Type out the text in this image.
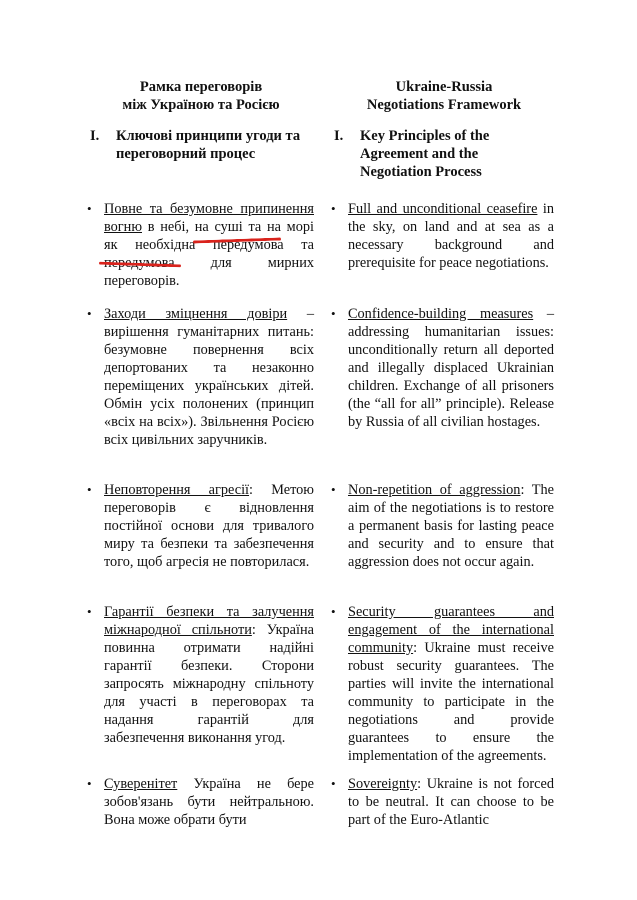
Рамка переговорів
між Україною та Росією
Ukraine-Russia
Negotiations Framework
I. Ключові принципи угоди та переговорний процес
I. Key Principles of the Agreement and the Negotiation Process
• Повне та безумовне припинення вогню в небі, на суші та на морі як необхідна передумова та передумова для мирних переговорів.
• Заходи зміцнення довіри – вирішення гуманітарних питань: безумовне повернення всіх депортованих та незаконно переміщених українських дітей. Обмін усіх полонених (принцип «всіх на всіх»). Звільнення Росією всіх цивільних заручників.
• Неповторення агресії: Метою переговорів є відновлення постійної основи для тривалого миру та безпеки та забезпечення того, щоб агресія не повторилася.
• Гарантії безпеки та залучення міжнародної спільноти: Україна повинна отримати надійні гарантії безпеки. Сторони запросять міжнародну спільноту для участі в переговорах та надання гарантій для забезпечення виконання угод.
• Суверенітет Україна не бере зобов'язань бути нейтральною. Вона може обрати бути
• Full and unconditional ceasefire in the sky, on land and at sea as a necessary background and prerequisite for peace negotiations.
• Confidence-building measures – addressing humanitarian issues: unconditionally return all deported and illegally displaced Ukrainian children. Exchange of all prisoners (the “all for all” principle). Release by Russia of all civilian hostages.
• Non-repetition of aggression: The aim of the negotiations is to restore a permanent basis for lasting peace and security and to ensure that aggression does not occur again.
• Security guarantees and engagement of the international community: Ukraine must receive robust security guarantees. The parties will invite the international community to participate in the negotiations and provide guarantees to ensure the implementation of the agreements.
• Sovereignty: Ukraine is not forced to be neutral. It can choose to be part of the Euro-Atlantic
